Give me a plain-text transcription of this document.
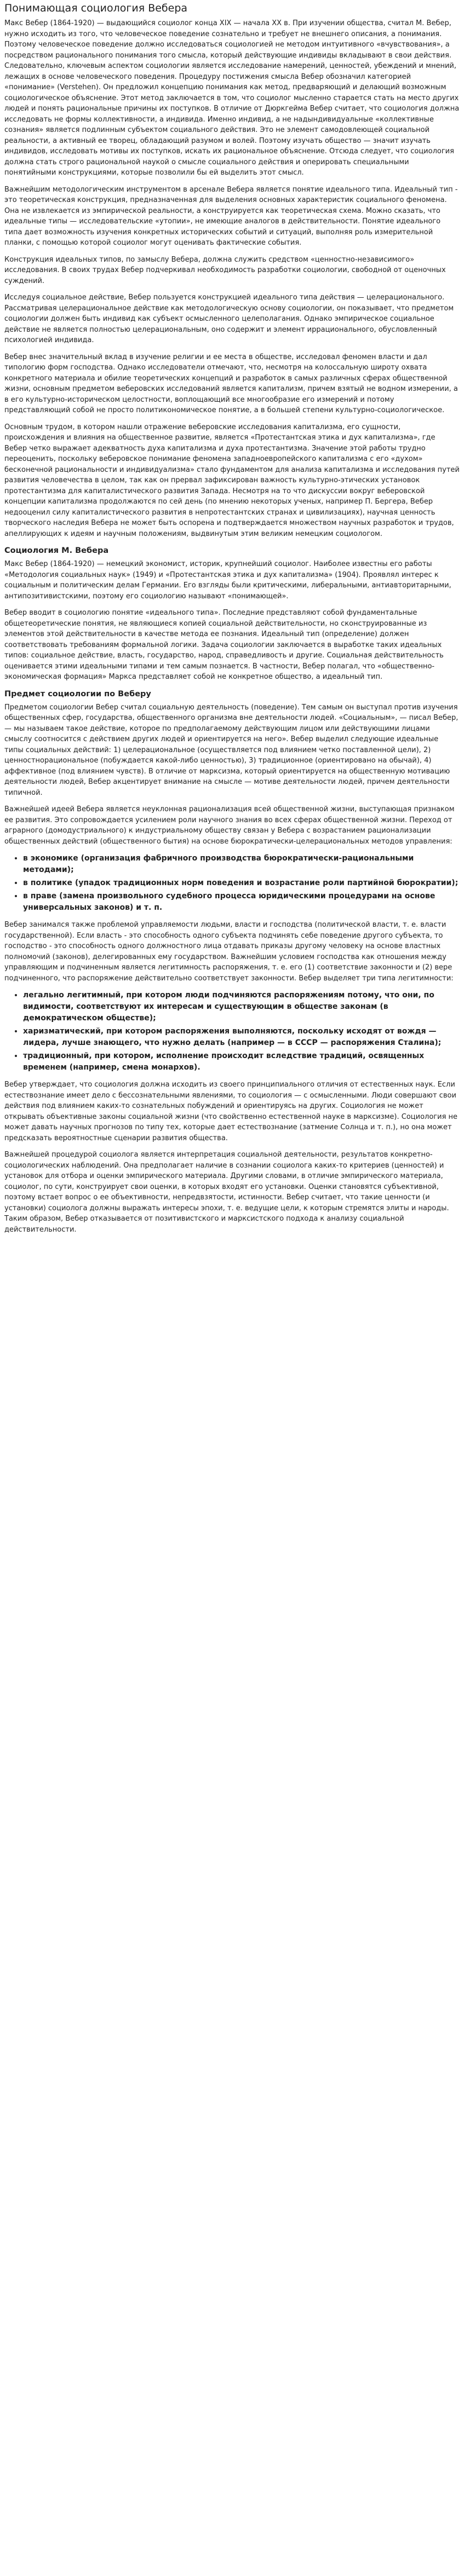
Понимающая социология Вебера

Макс Вебер (1864-1920) — выдающийся социолог конца XIX — начала XX в. При изучении общества, считал М. Вебер, нужно исходить из того, что человеческое поведение сознательно и требует не внешнего описания, а понимания. Поэтому человеческое поведение должно исследоваться социологией не методом интуитивного «вчувствования», а посредством рационального понимания того смысла, который действующие индивиды вкладывают в свои действия. Следовательно, ключевым аспектом социологии является исследование намерений, ценностей, убеждений и мнений, лежащих в основе человеческого поведения. Процедуру постижения смысла Вебер обозначил категорией «понимание» (Verstehen). Он предложил концепцию понимания как метод, предваряющий и делающий возможным социологическое объяснение. Этот метод заключается в том, что социолог мысленно старается стать на место других людей и понять рациональные причины их поступков. В отличие от Дюркгейма Вебер считает, что социология должна исследовать не формы коллективности, а индивида. Именно индивид, а не надындивидуальные «коллективные сознания» является подлинным субъектом социального действия. Это не элемент самодовлеющей социальной реальности, а активный ее творец, обладающий разумом и волей. Поэтому изучать общество — значит изучать индивидов, исследовать мотивы их поступков, искать их рациональное объяснение. Отсюда следует, что социология должна стать строго рациональной наукой о смысле социального действия и оперировать специальными понятийными конструкциями, которые позволили бы ей выделить этот смысл.

Важнейшим методологическим инструментом в арсенале Вебера является понятие идеального типа. Идеальный тип - это теоретическая конструкция, предназначенная для выделения основных характеристик социального феномена. Она не извлекается из эмпирической реальности, а конструируется как теоретическая схема. Можно сказать, что идеальные типы — исследовательские «утопии», не имеющие аналогов в действительности. Понятие идеального типа дает возможность изучения конкретных исторических событий и ситуаций, выполняя роль измерительной планки, с помощью которой социолог могут оценивать фактические события.

Конструкция идеальных типов, по замыслу Вебера, должна служить средством «ценностно-независимого» исследования. В своих трудах Вебер подчеркивал необходимость разработки социологии, свободной от оценочных суждений.

Исследуя социальное действие, Вебер пользуется конструкцией идеального типа действия — целерационального. Рассматривая целерациональное действие как методологическую основу социологии, он показывает, что предметом социологии должен быть индивид как субъект осмысленного целеполагания. Однако эмпирическое социальное действие не является полностью целерациональным, оно содержит и элемент иррационального, обусловленный психологией индивида.

Вебер внес значительный вклад в изучение религии и ее места в обществе, исследовал феномен власти и дал типологию форм господства. Однако исследователи отмечают, что, несмотря на колоссальную широту охвата конкретного материала и обилие теоретических концепций и разработок в самых различных сферах общественной жизни, основным предметом веберовских исследований является капитализм, причем взятый не водном измерении, а в его культурно-историческом целостности, воплощающий все многообразие его измерений и потому представляющий собой не просто политикономическое понятие, а в большей степени культурно-социологическое.

Основным трудом, в котором нашли отражение веберовские исследования капитализма, его сущности, происхождения и влияния на общественное развитие, является «Протестантская этика и дух капитализма», где Вебер четко выражает адекватность духа капитализма и духа протестантизма. Значение этой работы трудно переоценить, поскольку веберовское понимание феномена западноевропейского капитализма с его «духом» бесконечной рациональности и индивидуализма» стало фундаментом для анализа капитализма и исследования путей развития человечества в целом, так как он прервал зафиксирован важность культурно-этических установок протестантизма для капиталистического развития Запада. Несмотря на то что дискуссии вокруг веберовской концепции капитализма продолжаются по сей день (по мнению некоторых ученых, например П. Бергера, Вебер недооценил силу капиталистического развития в непротестантских странах и цивилизациях), научная ценность творческого наследия Вебера не может быть оспорена и подтверждается множеством научных разработок и трудов, апеллирующих к идеям и научным положениям, выдвинутым этим великим немецким социологом.

Социология М. Вебера

Макс Вебер (1864-1920) — немецкий экономист, историк, крупнейший социолог. Наиболее известны его работы «Методология социальных наук» (1949) и «Протестантская этика и дух капитализма» (1904). Проявлял интерес к социальным и политическим делам Германии. Его взгляды были критическими, либеральными, антиавторитарными, антипозитивистскими, поэтому его социологию называют «понимающей».

Вебер вводит в социологию понятие «идеального типа». Последние представляют собой фундаментальные общетеоретические понятия, не являющиеся копией социальной действительности, но сконструированные из элементов этой действительности в качестве метода ее познания. Идеальный тип (определение) должен соответствовать требованиям формальной логики. Задача социологии заключается в выработке таких идеальных типов: социальное действие, власть, государство, народ, справедливость и другие. Социальная действительность оценивается этими идеальными типами и тем самым познается. В частности, Вебер полагал, что «общественно-экономическая формация» Маркса представляет собой не конкретное общество, а идеальный тип.

Предмет социологии по Веберу

Предметом социологии Вебер считал социальную деятельность (поведение). Тем самым он выступал против изучения общественных сфер, государства, общественного организма вне деятельности людей. «Социальным», — писал Вебер, — мы называем такое действие, которое по предполагаемому действующим лицом или действующими лицами смыслу соотносится с действием других людей и ориентируется на него». Вебер выделил следующие идеальные типы социальных действий: 1) целерациональное (осуществляется под влиянием четко поставленной цели), 2) ценностнорациональное (побуждается какой-либо ценностью), 3) традиционное (ориентировано на обычай), 4) аффективное (под влиянием чувств). В отличие от марксизма, который ориентируется на общественную мотивацию деятельности людей, Вебер акцентирует внимание на смысле — мотиве деятельности людей, причем деятельности типичной.

Важнейшей идеей Вебера является неуклонная рационализация всей общественной жизни, выступающая признаком ее развития. Это сопровождается усилением роли научного знания во всех сферах общественной жизни. Переход от аграрного (домодустриального) к индустриальному обществу связан у Вебера с возрастанием рационализации общественных действий (общественного бытия) на основе бюрократически-целерациональных методов управления:

• в экономике (организация фабричного производства бюрократически-рациональными методами);
• в политике (упадок традиционных норм поведения и возрастание роли партийной бюрократии);
• в праве (замена произвольного судебного процесса юридическими процедурами на основе универсальных законов) и т. п.

Вебер занимался также проблемой управляемости людьми, власти и господства (политической власти, т. е. власти государственной). Если власть - это способность одного субъекта подчинять себе поведение другого субъекта, то господство - это способность одного должностного лица отдавать приказы другому человеку на основе властных полномочий (законов), делегированных ему государством. Важнейшим условием господства как отношения между управляющим и подчиненным является легитимность распоряжения, т. е. его (1) соответствие законности и (2) вере подчиненного, что распоряжение действительно соответствует законности. Вебер выделяет три типа легитимности:

• легально легитимный, при котором люди подчиняются распоряжениям потому, что они, по видимости, соответствуют их интересам и существующим в обществе законам (в демократическом обществе);
• харизматический, при котором распоряжения выполняются, поскольку исходят от вождя — лидера, лучше знающего, что нужно делать (например — в СССР — распоряжения Сталина);
• традиционный, при котором, исполнение происходит вследствие традиций, освященных временем (например, смена монархов).

Вебер утверждает, что социология должна исходить из своего принципиального отличия от естественных наук. Если естествознание имеет дело с бессознательными явлениями, то социология — с осмысленными. Люди совершают свои действия под влиянием каких-то сознательных побуждений и ориентируясь на других. Социология не может открывать объективные законы социальной жизни (что свойственно естественной науке в марксизме). Социология не может давать научных прогнозов по типу тех, которые дает естествознание (затмение Солнца и т. п.), но она может предсказать вероятностные сценарии развития общества.

Важнейшей процедурой социолога является интерпретация социальной деятельности, результатов конкретно-социологических наблюдений. Она предполагает наличие в сознании социолога каких-то критериев (ценностей) и установок для отбора и оценки эмпирического материала. Другими словами, в отличие эмпирического материала, социолог, по сути, конструирует свои оценки, в которых входят его установки. Оценки становятся субъективной, поэтому встает вопрос о ее объективности, непредвзятости, истинности. Вебер считает, что такие ценности (и установки) социолога должны выражать интересы эпохи, т. е. ведущие цели, к которым стремятся элиты и народы. Таким образом, Вебер отказывается от позитивистского и марксистского подхода к анализу социальной действительности.
